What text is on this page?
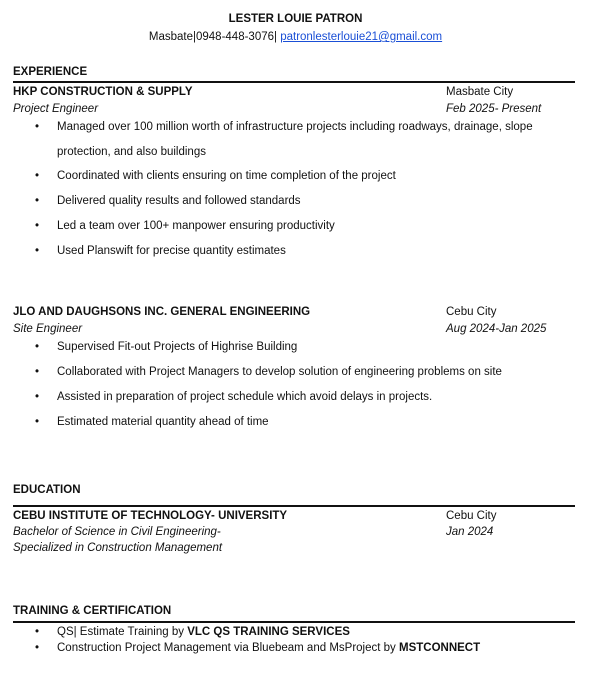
LESTER LOUIE PATRON
Masbate|0948-448-3076| patronlesterlouie21@gmail.com
EXPERIENCE
HKP CONSTRUCTION & SUPPLY	Masbate City
Project Engineer	Feb 2025- Present
• Managed over 100 million worth of infrastructure projects including roadways, drainage, slope protection, and also buildings
• Coordinated with clients ensuring on time completion of the project
• Delivered quality results and followed standards
• Led a team over 100+ manpower ensuring productivity
• Used Planswift for precise quantity estimates
JLO AND DAUGHSONS INC. GENERAL ENGINEERING	Cebu City
Site Engineer	Aug 2024-Jan 2025
• Supervised Fit-out Projects of Highrise Building
• Collaborated with Project Managers to develop solution of engineering problems on site
• Assisted in preparation of project schedule which avoid delays in projects.
• Estimated material quantity ahead of time
EDUCATION
CEBU INSTITUTE OF TECHNOLOGY- UNIVERSITY	Cebu City
Bachelor of Science in Civil Engineering-	Jan 2024
Specialized in Construction Management
TRAINING & CERTIFICATION
• QS| Estimate Training by VLC QS TRAINING SERVICES
• Construction Project Management via Bluebeam and MsProject by MSTCONNECT
